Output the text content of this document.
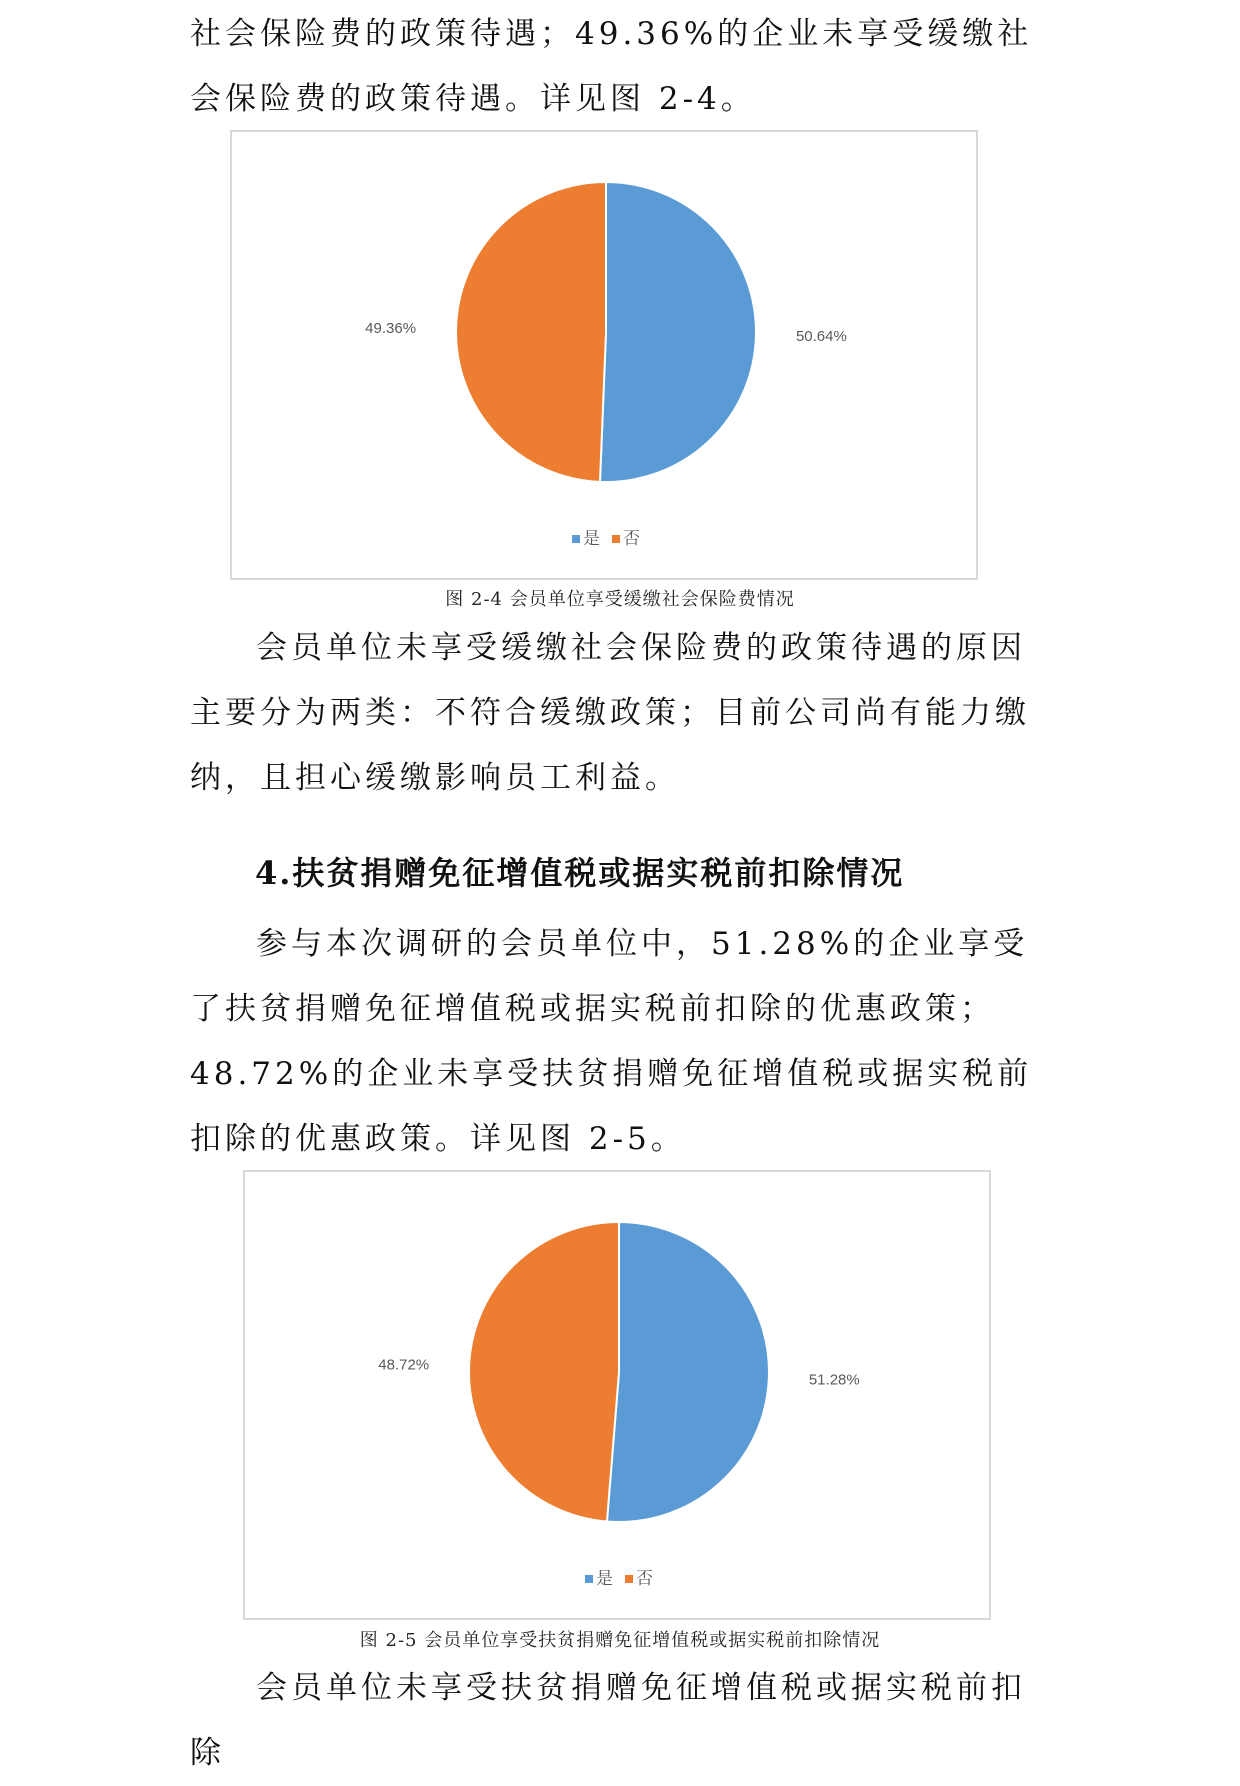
社会保险费的政策待遇；49.36%的企业未享受缓缴社会保险费的政策待遇。详见图 2-4。

50.64%
49.36%
是 否
图 2-4 会员单位享受缓缴社会保险费情况

会员单位未享受缓缴社会保险费的政策待遇的原因主要分为两类：不符合缓缴政策；目前公司尚有能力缴纳，且担心缓缴影响员工利益。

4.扶贫捐赠免征增值税或据实税前扣除情况

参与本次调研的会员单位中，51.28%的企业享受了扶贫捐赠免征增值税或据实税前扣除的优惠政策；48.72%的企业未享受扶贫捐赠免征增值税或据实税前扣除的优惠政策。详见图 2-5。

51.28%
48.72%
是 否
图 2-5 会员单位享受扶贫捐赠免征增值税或据实税前扣除情况

会员单位未享受扶贫捐赠免征增值税或据实税前扣除
